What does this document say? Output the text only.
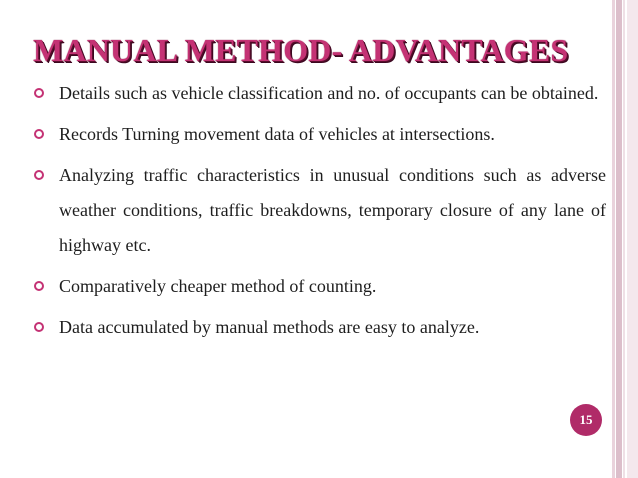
MANUAL METHOD- ADVANTAGES
Details such as vehicle classification and no. of occupants can be obtained.
Records Turning movement data of vehicles at intersections.
Analyzing traffic characteristics in unusual conditions such as adverse weather conditions, traffic breakdowns, temporary closure of any lane of highway etc.
Comparatively cheaper method of counting.
Data accumulated by manual methods are easy to analyze.
15
